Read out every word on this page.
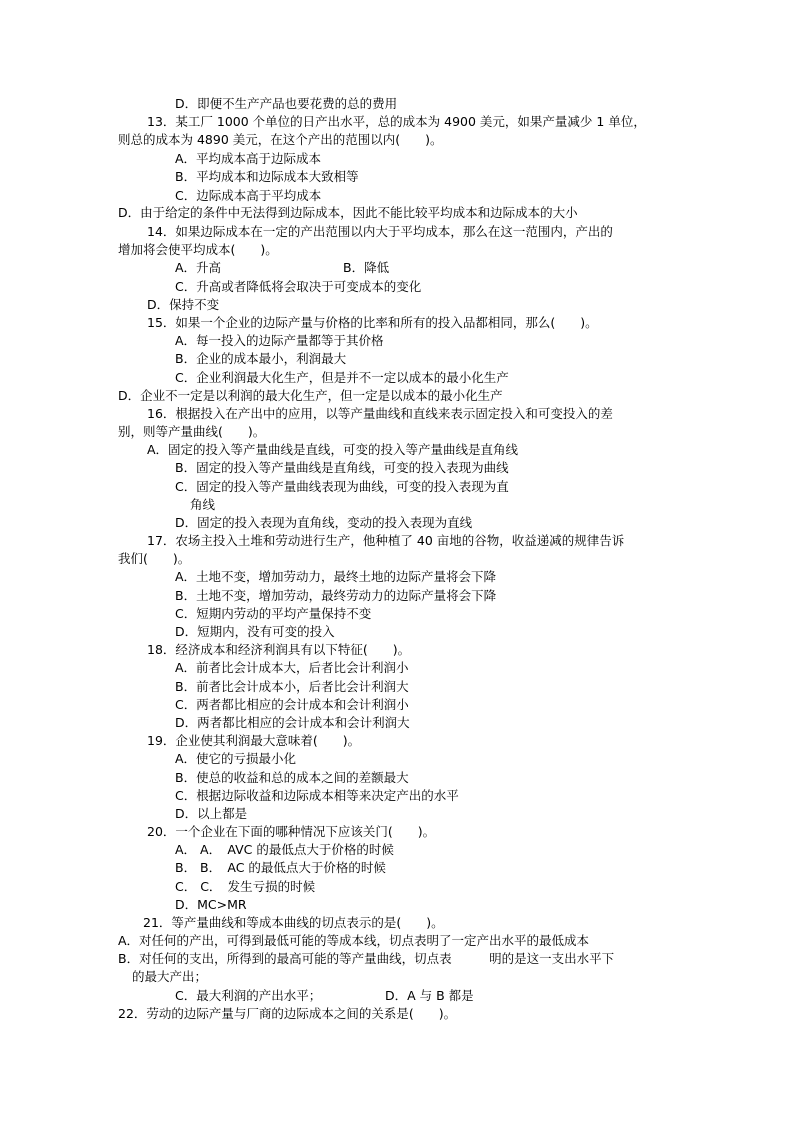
D．即便不生产产品也要花费的总的费用
13．某工厂 1000 个单位的日产出水平，总的成本为 4900 美元，如果产量减少 1 单位，
则总的成本为 4890 美元，在这个产出的范围以内(　　)。
A．平均成本高于边际成本
B．平均成本和边际成本大致相等
C．边际成本高于平均成本
D．由于给定的条件中无法得到边际成本，因此不能比较平均成本和边际成本的大小
14．如果边际成本在一定的产出范围以内大于平均成本，那么在这一范围内，产出的
增加将会使平均成本(　　)。
A．升高	B．降低
C．升高或者降低将会取决于可变成本的变化
D．保持不变
15．如果一个企业的边际产量与价格的比率和所有的投入品都相同，那么(　　)。
A．每一投入的边际产量都等于其价格
B．企业的成本最小，利润最大
C．企业利润最大化生产，但是并不一定以成本的最小化生产
D．企业不一定是以利润的最大化生产，但一定是以成本的最小化生产
16．根据投入在产出中的应用，以等产量曲线和直线来表示固定投入和可变投入的差
别，则等产量曲线(　　)。
A．固定的投入等产量曲线是直线，可变的投入等产量曲线是直角线
B．固定的投入等产量曲线是直角线，可变的投入表现为曲线
C．固定的投入等产量曲线表现为曲线，可变的投入表现为直
角线
D．固定的投入表现为直角线，变动的投入表现为直线
17．农场主投入土堆和劳动进行生产，他种植了 40 亩地的谷物，收益递减的规律告诉
我们(　　)。
A．土地不变，增加劳动力，最终土地的边际产量将会下降
B．土地不变，增加劳动，最终劳动力的边际产量将会下降
C．短期内劳动的平均产量保持不变
D．短期内，没有可变的投入
18．经济成本和经济利润具有以下特征(　　)。
A．前者比会计成本大，后者比会计利润小
B．前者比会计成本小，后者比会计利润大
C．两者都比相应的会计成本和会计利润小
D．两者都比相应的会计成本和会计利润大
19．企业使其利润最大意味着(　　)。
A．使它的亏损最小化
B．使总的收益和总的成本之间的差额最大
C．根据边际收益和边际成本相等来决定产出的水平
D．以上都是
20．一个企业在下面的哪种情况下应该关门(　　)。
A． A．　AVC 的最低点大于价格的时候
B． B．　AC 的最低点大于价格的时候
C． C．　发生亏损的时候
D．MC>MR
21．等产量曲线和等成本曲线的切点表示的是(　　)。
A．对任何的产出，可得到最低可能的等成本线，切点表明了一定产出水平的最低成本
B．对任何的支出，所得到的最高可能的等产量曲线，切点表　　　明的是这一支出水平下
的最大产出；
C．最大利润的产出水平；	D．A 与 B 都是
22．劳动的边际产量与厂商的边际成本之间的关系是(　　)。
